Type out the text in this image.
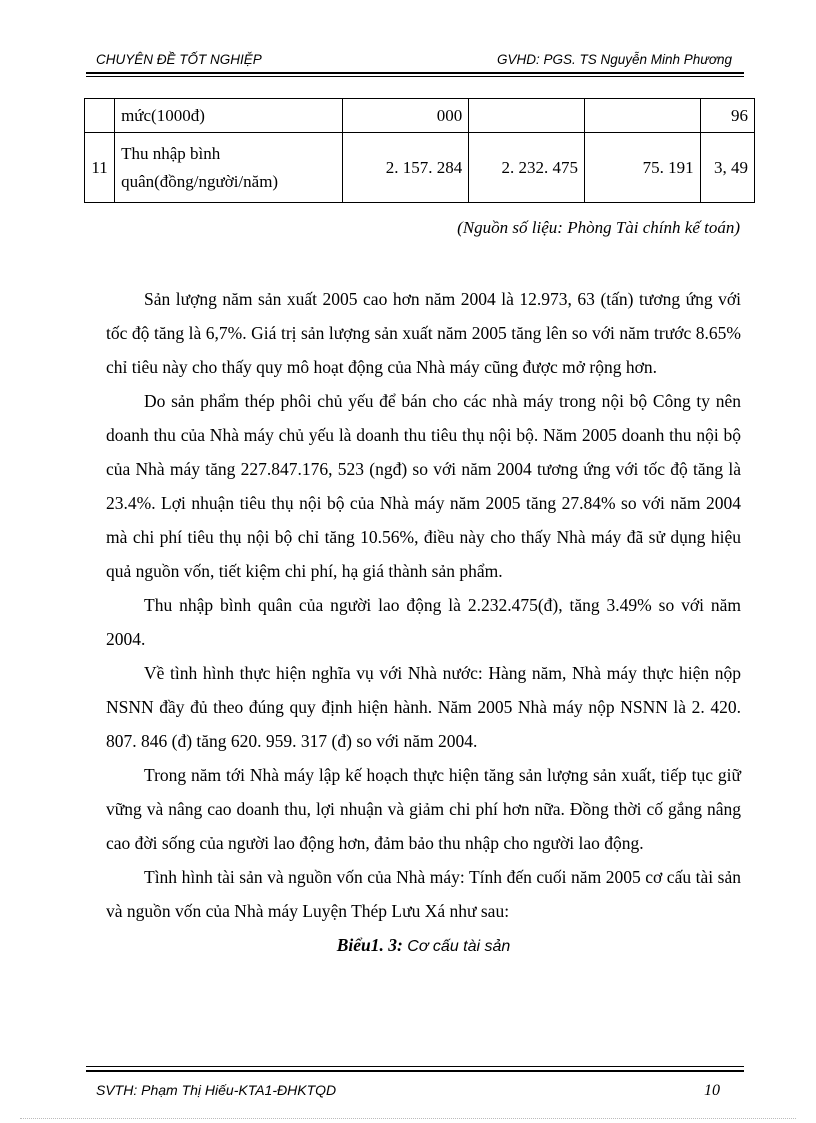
CHUYÊN ĐỀ TỐT NGHIỆP	GVHD: PGS. TS Nguyễn Minh Phương
	mức(1000đ)	000			96
11	Thu nhập bình quân(đồng/người/năm)	2. 157. 284	2. 232. 475	75. 191	3, 49
(Nguồn số liệu: Phòng Tài chính kế toán)

Sản lượng năm sản xuất 2005 cao hơn năm 2004 là 12.973, 63 (tấn) tương ứng với tốc độ tăng là 6,7%. Giá trị sản lượng sản xuất năm 2005 tăng lên so với năm trước 8.65% chỉ tiêu này cho thấy quy mô hoạt động của Nhà máy cũng được mở rộng hơn.

Do sản phẩm thép phôi chủ yếu để bán cho các nhà máy trong nội bộ Công ty nên doanh thu của Nhà máy chủ yếu là doanh thu tiêu thụ nội bộ. Năm 2005 doanh thu nội bộ của Nhà máy tăng 227.847.176, 523 (ngđ) so với năm 2004 tương ứng với tốc độ tăng là 23.4%. Lợi nhuận tiêu thụ nội bộ của Nhà máy năm 2005 tăng 27.84% so với năm 2004 mà chi phí tiêu thụ nội bộ chỉ tăng 10.56%, điều này cho thấy Nhà máy đã sử dụng hiệu quả nguồn vốn, tiết kiệm chi phí, hạ giá thành sản phẩm.

Thu nhập bình quân của người lao động là 2.232.475(đ), tăng 3.49% so với năm 2004.

Về tình hình thực hiện nghĩa vụ với Nhà nước: Hàng năm, Nhà máy thực hiện nộp NSNN đầy đủ theo đúng quy định hiện hành. Năm 2005 Nhà máy nộp NSNN là 2. 420. 807. 846 (đ) tăng 620. 959. 317 (đ) so với năm 2004.

Trong năm tới Nhà máy lập kế hoạch thực hiện tăng sản lượng sản xuất, tiếp tục giữ vững và nâng cao doanh thu, lợi nhuận và giảm chi phí hơn nữa. Đồng thời cố gắng nâng cao đời sống của người lao động hơn, đảm bảo thu nhập cho người lao động.

Tình hình tài sản và nguồn vốn của Nhà máy: Tính đến cuối năm 2005 cơ cấu tài sản và nguồn vốn của Nhà máy Luyện Thép Lưu Xá như sau:

Biểu1. 3: Cơ cấu tài sản

SVTH: Phạm Thị Hiếu-KTA1-ĐHKTQD	10
